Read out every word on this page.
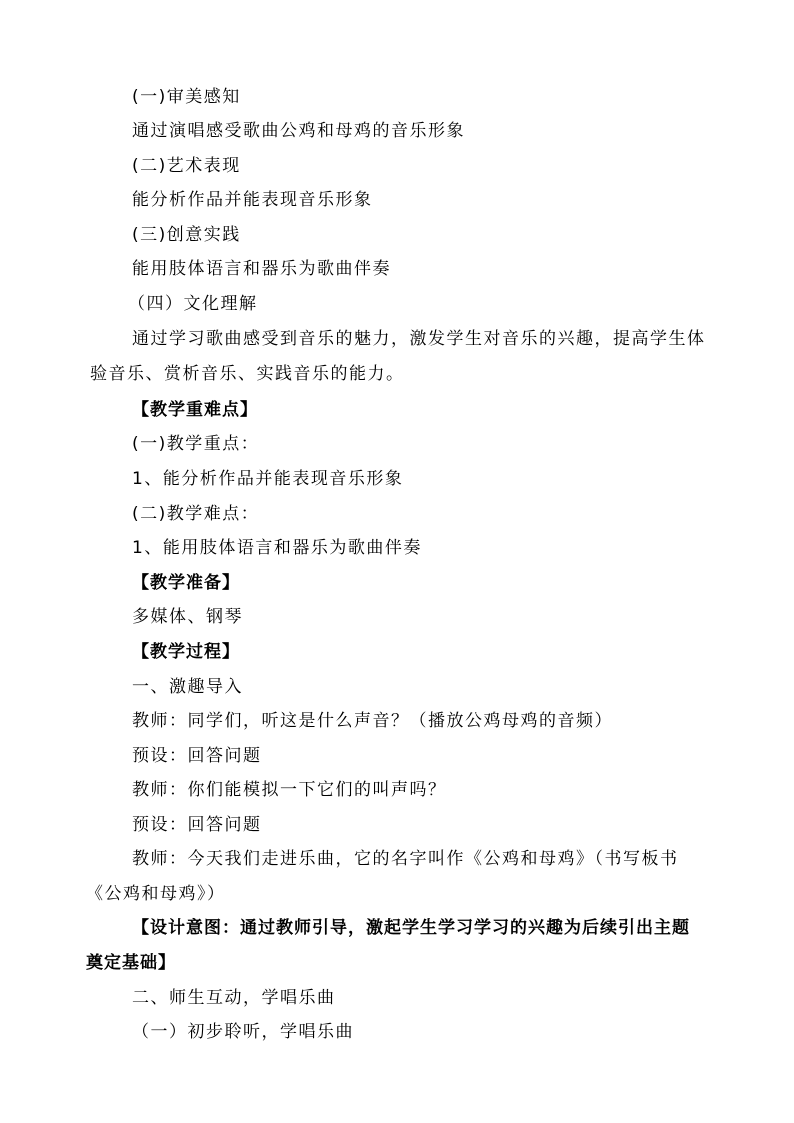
(一)审美感知
通过演唱感受歌曲公鸡和母鸡的音乐形象
(二)艺术表现
能分析作品并能表现音乐形象
(三)创意实践
能用肢体语言和器乐为歌曲伴奏
（四）文化理解
通过学习歌曲感受到音乐的魅力，激发学生对音乐的兴趣，提高学生体
验音乐、赏析音乐、实践音乐的能力。
【教学重难点】
(一)教学重点：
1、能分析作品并能表现音乐形象
(二)教学难点：
1、能用肢体语言和器乐为歌曲伴奏
【教学准备】
多媒体、钢琴
【教学过程】
一、激趣导入
教师：同学们，听这是什么声音？（播放公鸡母鸡的音频）
预设：回答问题
教师：你们能模拟一下它们的叫声吗？
预设：回答问题
教师：今天我们走进乐曲，它的名字叫作《公鸡和母鸡》（书写板书
《公鸡和母鸡》）
【设计意图：通过教师引导，激起学生学习学习的兴趣为后续引出主题
奠定基础】
二、师生互动，学唱乐曲
（一）初步聆听，学唱乐曲
